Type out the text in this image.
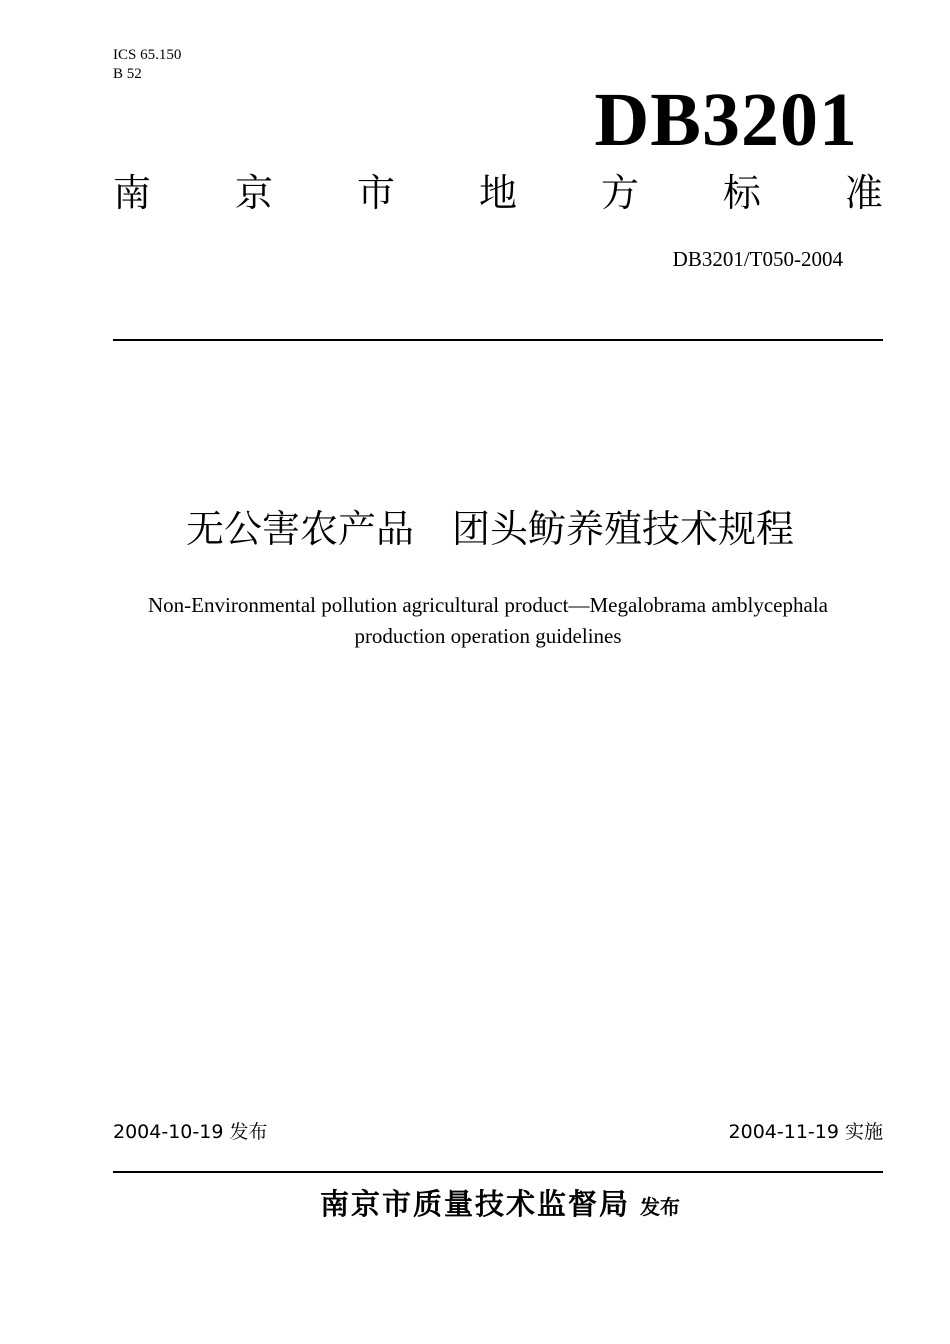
ICS 65.150
B 52
DB3201
南 京 市 地 方 标 准
DB3201/T050-2004
无公害农产品　团头鲂养殖技术规程
Non-Environmental pollution agricultural product—Megalobrama amblycephala
production operation guidelines
2004-10-19 发布	2004-11-19 实施
南京市质量技术监督局 发布
